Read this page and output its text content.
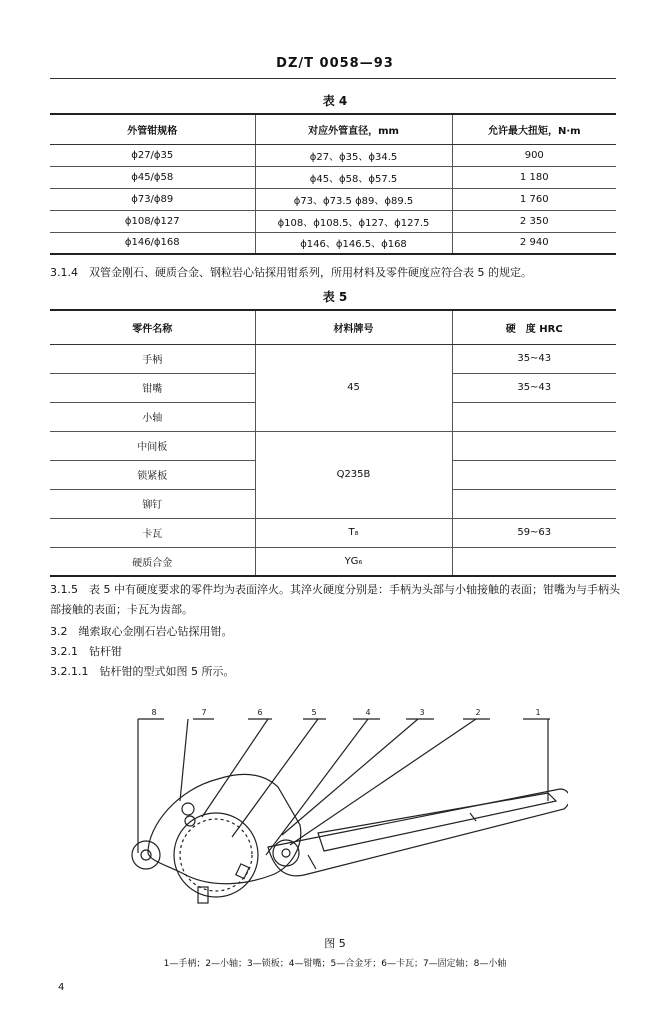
DZ/T 0058—93
表 4
外管钳规格	对应外管直径，mm	允许最大扭矩，N·m
ϕ27/ϕ35	ϕ27、ϕ35、ϕ34.5	900
ϕ45/ϕ58	ϕ45、ϕ58、ϕ57.5	1 180
ϕ73/ϕ89	ϕ73、ϕ73.5 ϕ89、ϕ89.5	1 760
ϕ108/ϕ127	ϕ108、ϕ108.5、ϕ127、ϕ127.5	2 350
ϕ146/ϕ168	ϕ146、ϕ146.5、ϕ168	2 940
3.1.4　双管金刚石、硬质合金、钢粒岩心钻探用钳系列，所用材料及零件硬度应符合表 5 的规定。
表 5
零件名称	材料牌号	硬　度 HRC
手柄	45	35~43
钳嘴		35~43
小轴		
中间板	Q235B	
锁紧板		
铆钉		
卡瓦	T₈	59~63
硬质合金	YG₆	
3.1.5　表 5 中有硬度要求的零件均为表面淬火。其淬火硬度分别是：手柄为头部与小轴接触的表面；钳嘴为与手柄头部接触的表面；卡瓦为齿部。
3.2　绳索取心金刚石岩心钻探用钳。
3.2.1　钻杆钳
3.2.1.1　钻杆钳的型式如图 5 所示。
8	7	6	5	4	3	2	1
图 5
1—手柄；2—小轴；3—锁板；4—钳嘴；5—合金牙；6—卡瓦；7—固定轴；8—小轴
4
